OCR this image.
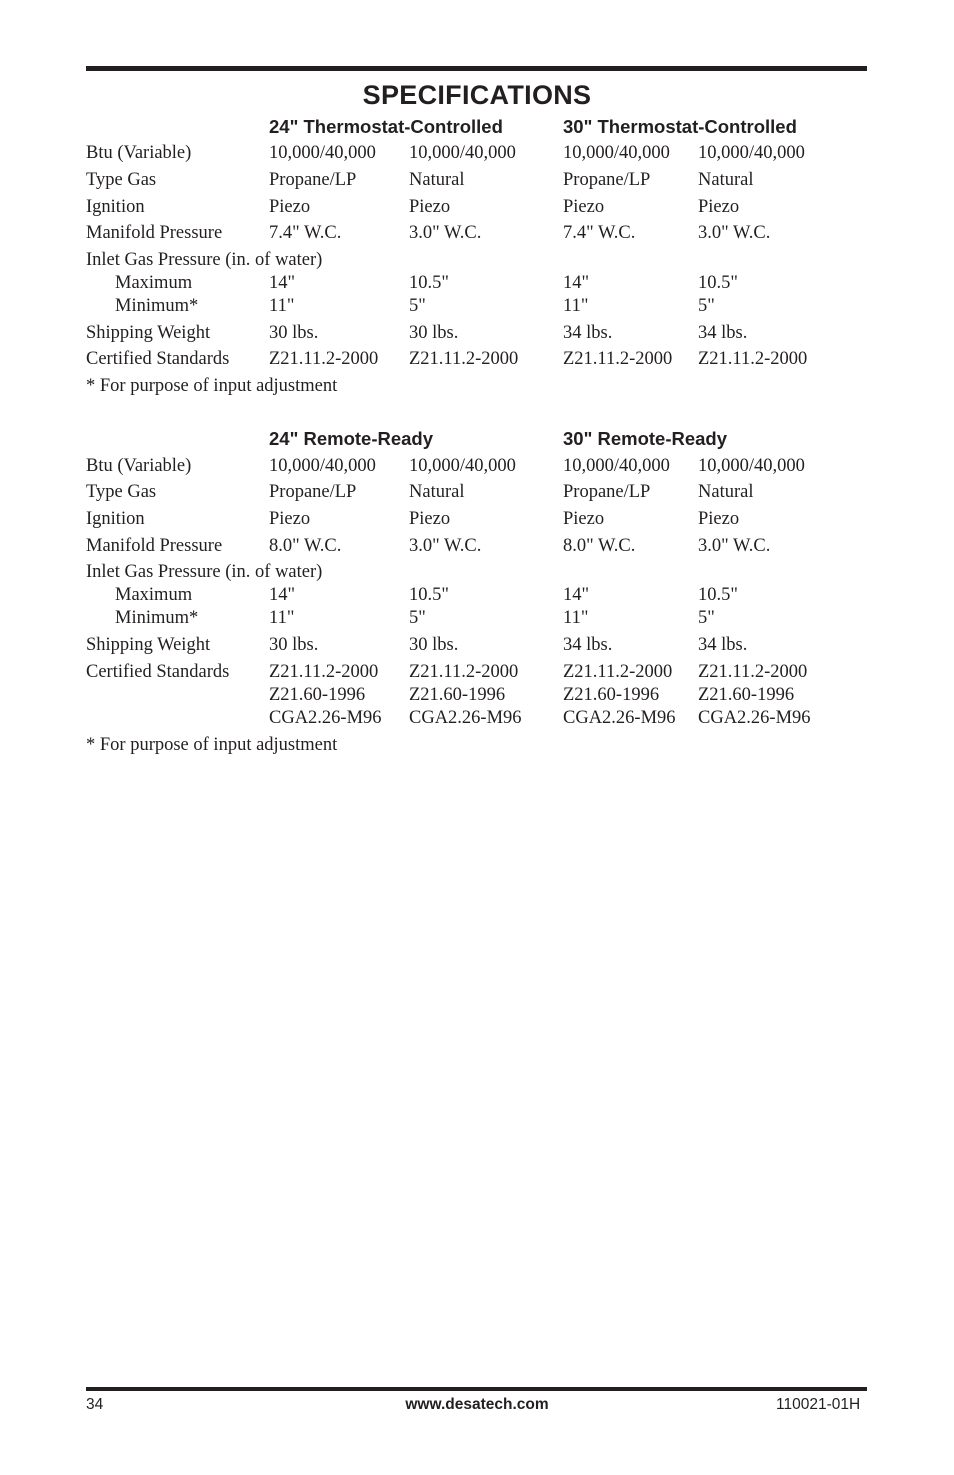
SPECIFICATIONS
24" Thermostat-Controlled	30" Thermostat-Controlled
Btu (Variable)	10,000/40,000 10,000/40,000	10,000/40,000 10,000/40,000
Type Gas	Propane/LP	Natural	Propane/LP	Natural
Ignition	Piezo	Piezo	Piezo	Piezo
Manifold Pressure	7.4" W.C.	3.0" W.C.	7.4" W.C.	3.0" W.C.
Inlet Gas Pressure (in. of water)
Maximum	14"	10.5"	14"	10.5"
Minimum*	11"	5"	11"	5"
Shipping Weight	30 lbs.	30 lbs.	34 lbs.	34 lbs.
Certified Standards Z21.11.2-2000 Z21.11.2-2000 Z21.11.2-2000 Z21.11.2-2000
* For purpose of input adjustment
24" Remote-Ready	30" Remote-Ready
Btu (Variable)	10,000/40,000 10,000/40,000	10,000/40,000 10,000/40,000
Type Gas	Propane/LP	Natural	Propane/LP	Natural
Ignition	Piezo	Piezo	Piezo	Piezo
Manifold Pressure	8.0" W.C.	3.0" W.C.	8.0" W.C.	3.0" W.C.
Inlet Gas Pressure (in. of water)
Maximum	14"	10.5"	14"	10.5"
Minimum*	11"	5"	11"	5"
Shipping Weight	30 lbs.	30 lbs.	34 lbs.	34 lbs.
Certified Standards Z21.11.2-2000 Z21.11.2-2000 Z21.11.2-2000 Z21.11.2-2000
Z21.60-1996 Z21.60-1996	Z21.60-1996 Z21.60-1996
CGA2.26-M96 CGA2.26-M96 CGA2.26-M96 CGA2.26-M96
* For purpose of input adjustment
34	www.desatech.com	110021-01H
